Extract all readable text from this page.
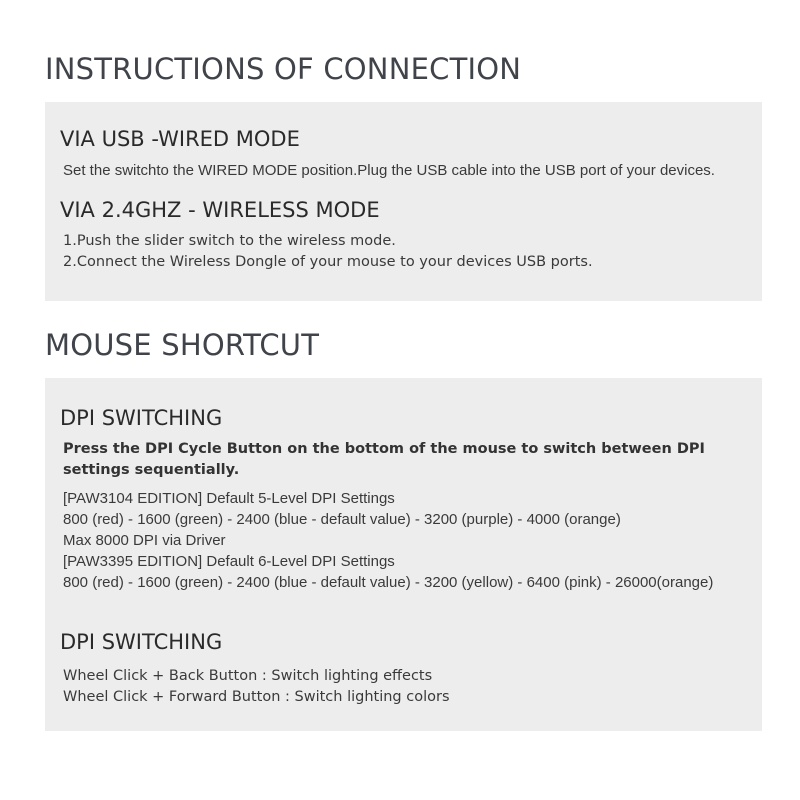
INSTRUCTIONS OF CONNECTION
VIA USB -WIRED MODE
Set the switchto the WIRED MODE position.Plug the USB cable into the USB port of your devices.
VIA 2.4GHZ - WIRELESS MODE
1.Push the slider switch to the wireless mode.
2.Connect the Wireless Dongle of your mouse to your devices USB ports.
MOUSE SHORTCUT
DPI SWITCHING
Press the DPI Cycle Button on the bottom of the mouse to switch between DPI settings sequentially.
[PAW3104 EDITION] Default 5-Level DPI Settings
800 (red) - 1600 (green) - 2400 (blue - default value) - 3200 (purple) - 4000 (orange)
Max 8000 DPI via Driver
[PAW3395 EDITION] Default 6-Level DPI Settings
800 (red) - 1600 (green) - 2400 (blue - default value) - 3200 (yellow) - 6400 (pink) - 26000(orange)
DPI SWITCHING
Wheel Click + Back Button : Switch lighting effects
Wheel Click + Forward Button : Switch lighting colors
